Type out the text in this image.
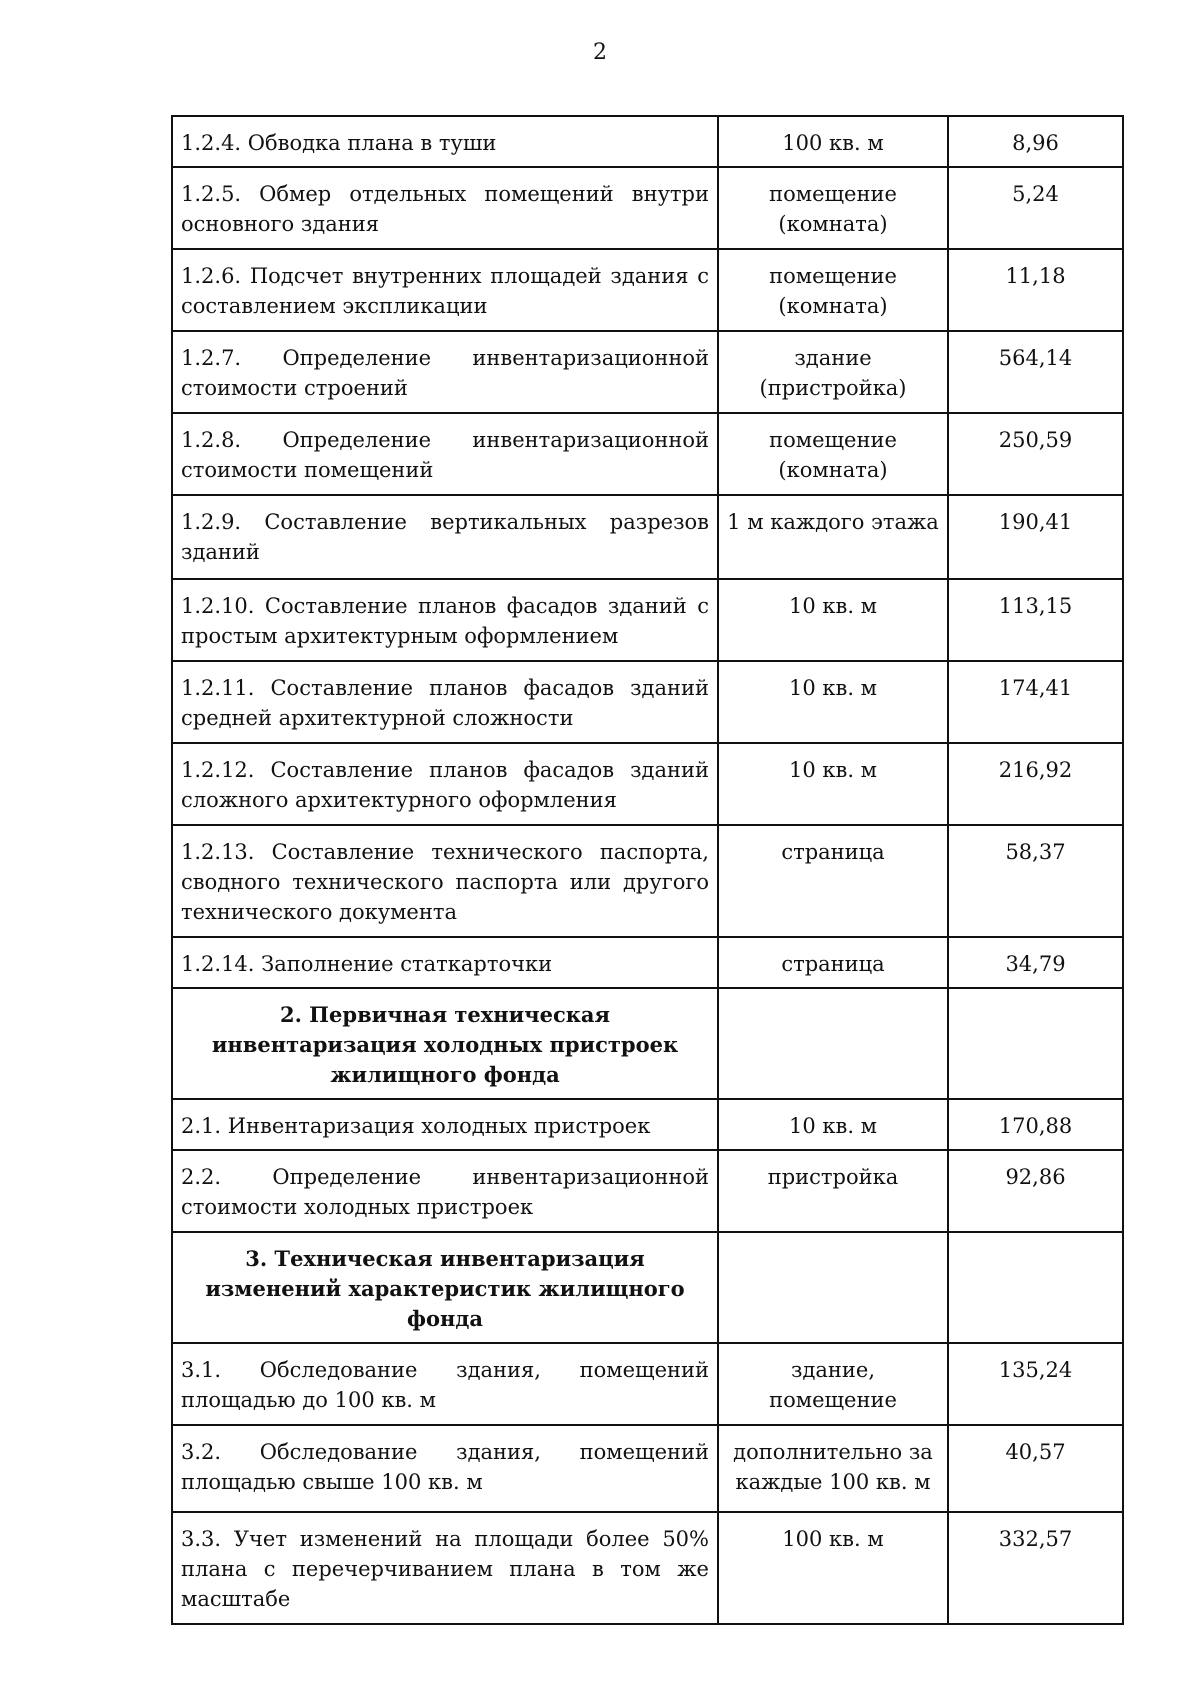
2
1.2.4. Обводка плана в туши	100 кв. м	8,96
1.2.5. Обмер отдельных помещений внутри основного здания	помещение (комната)	5,24
1.2.6. Подсчет внутренних площадей здания с составлением экспликации	помещение (комната)	11,18
1.2.7. Определение инвентаризационной стоимости строений	здание (пристройка)	564,14
1.2.8. Определение инвентаризационной стоимости помещений	помещение (комната)	250,59
1.2.9. Составление вертикальных разрезов зданий	1 м каждого этажа	190,41
1.2.10. Составление планов фасадов зданий с простым архитектурным оформлением	10 кв. м	113,15
1.2.11. Составление планов фасадов зданий средней архитектурной сложности	10 кв. м	174,41
1.2.12. Составление планов фасадов зданий сложного архитектурного оформления	10 кв. м	216,92
1.2.13. Составление технического паспорта, сводного технического паспорта или другого технического документа	страница	58,37
1.2.14. Заполнение статкарточки	страница	34,79
2. Первичная техническая инвентаризация холодных пристроек жилищного фонда		
2.1. Инвентаризация холодных пристроек	10 кв. м	170,88
2.2. Определение инвентаризационной стоимости холодных пристроек	пристройка	92,86
3. Техническая инвентаризация изменений характеристик жилищного фонда		
3.1. Обследование здания, помещений площадью до 100 кв. м	здание, помещение	135,24
3.2. Обследование здания, помещений площадью свыше 100 кв. м	дополнительно за каждые 100 кв. м	40,57
3.3. Учет изменений на площади более 50% плана с перечерчиванием плана в том же масштабе	100 кв. м	332,57
